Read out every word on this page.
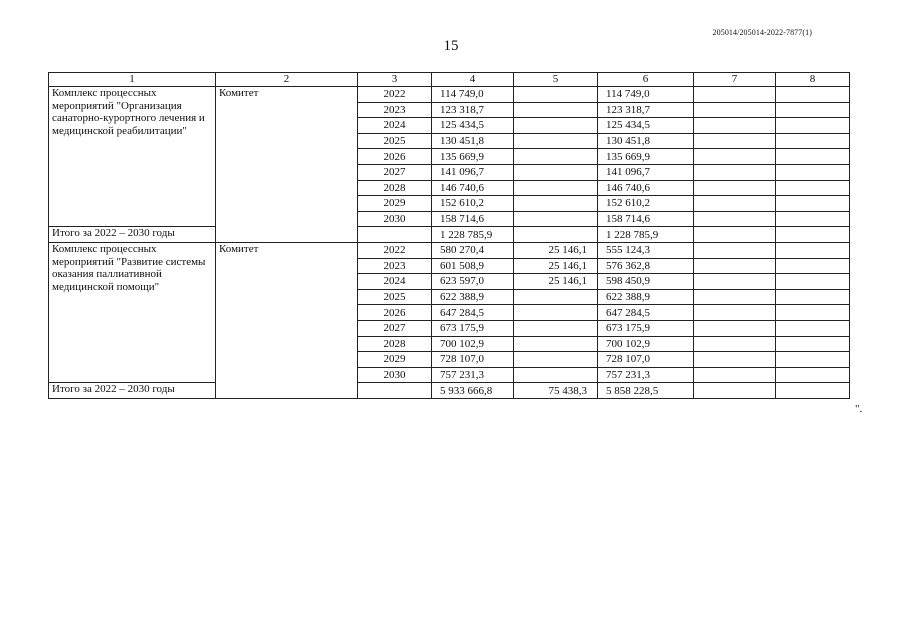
205014/205014-2022-7877(1)
15
1	2	3	4	5	6	7	8

Комплекс процессных мероприятий "Организация санаторно-курортного лечения и медицинской реабилитации"	Комитет	2022	114 749,0		114 749,0		
		2023	123 318,7		123 318,7		
		2024	125 434,5		125 434,5		
		2025	130 451,8		130 451,8		
		2026	135 669,9		135 669,9		
		2027	141 096,7		141 096,7		
		2028	146 740,6		146 740,6		
		2029	152 610,2		152 610,2		
		2030	158 714,6		158 714,6		
Итого за 2022 – 2030 годы			1 228 785,9		1 228 785,9		

Комплекс процессных мероприятий "Развитие системы оказания паллиативной медицинской помощи"	Комитет	2022	580 270,4	25 146,1	555 124,3		
		2023	601 508,9	25 146,1	576 362,8		
		2024	623 597,0	25 146,1	598 450,9		
		2025	622 388,9		622 388,9		
		2026	647 284,5		647 284,5		
		2027	673 175,9		673 175,9		
		2028	700 102,9		700 102,9		
		2029	728 107,0		728 107,0		
		2030	757 231,3		757 231,3		
Итого за 2022 – 2030 годы			5 933 666,8	75 438,3	5 858 228,5		
".
